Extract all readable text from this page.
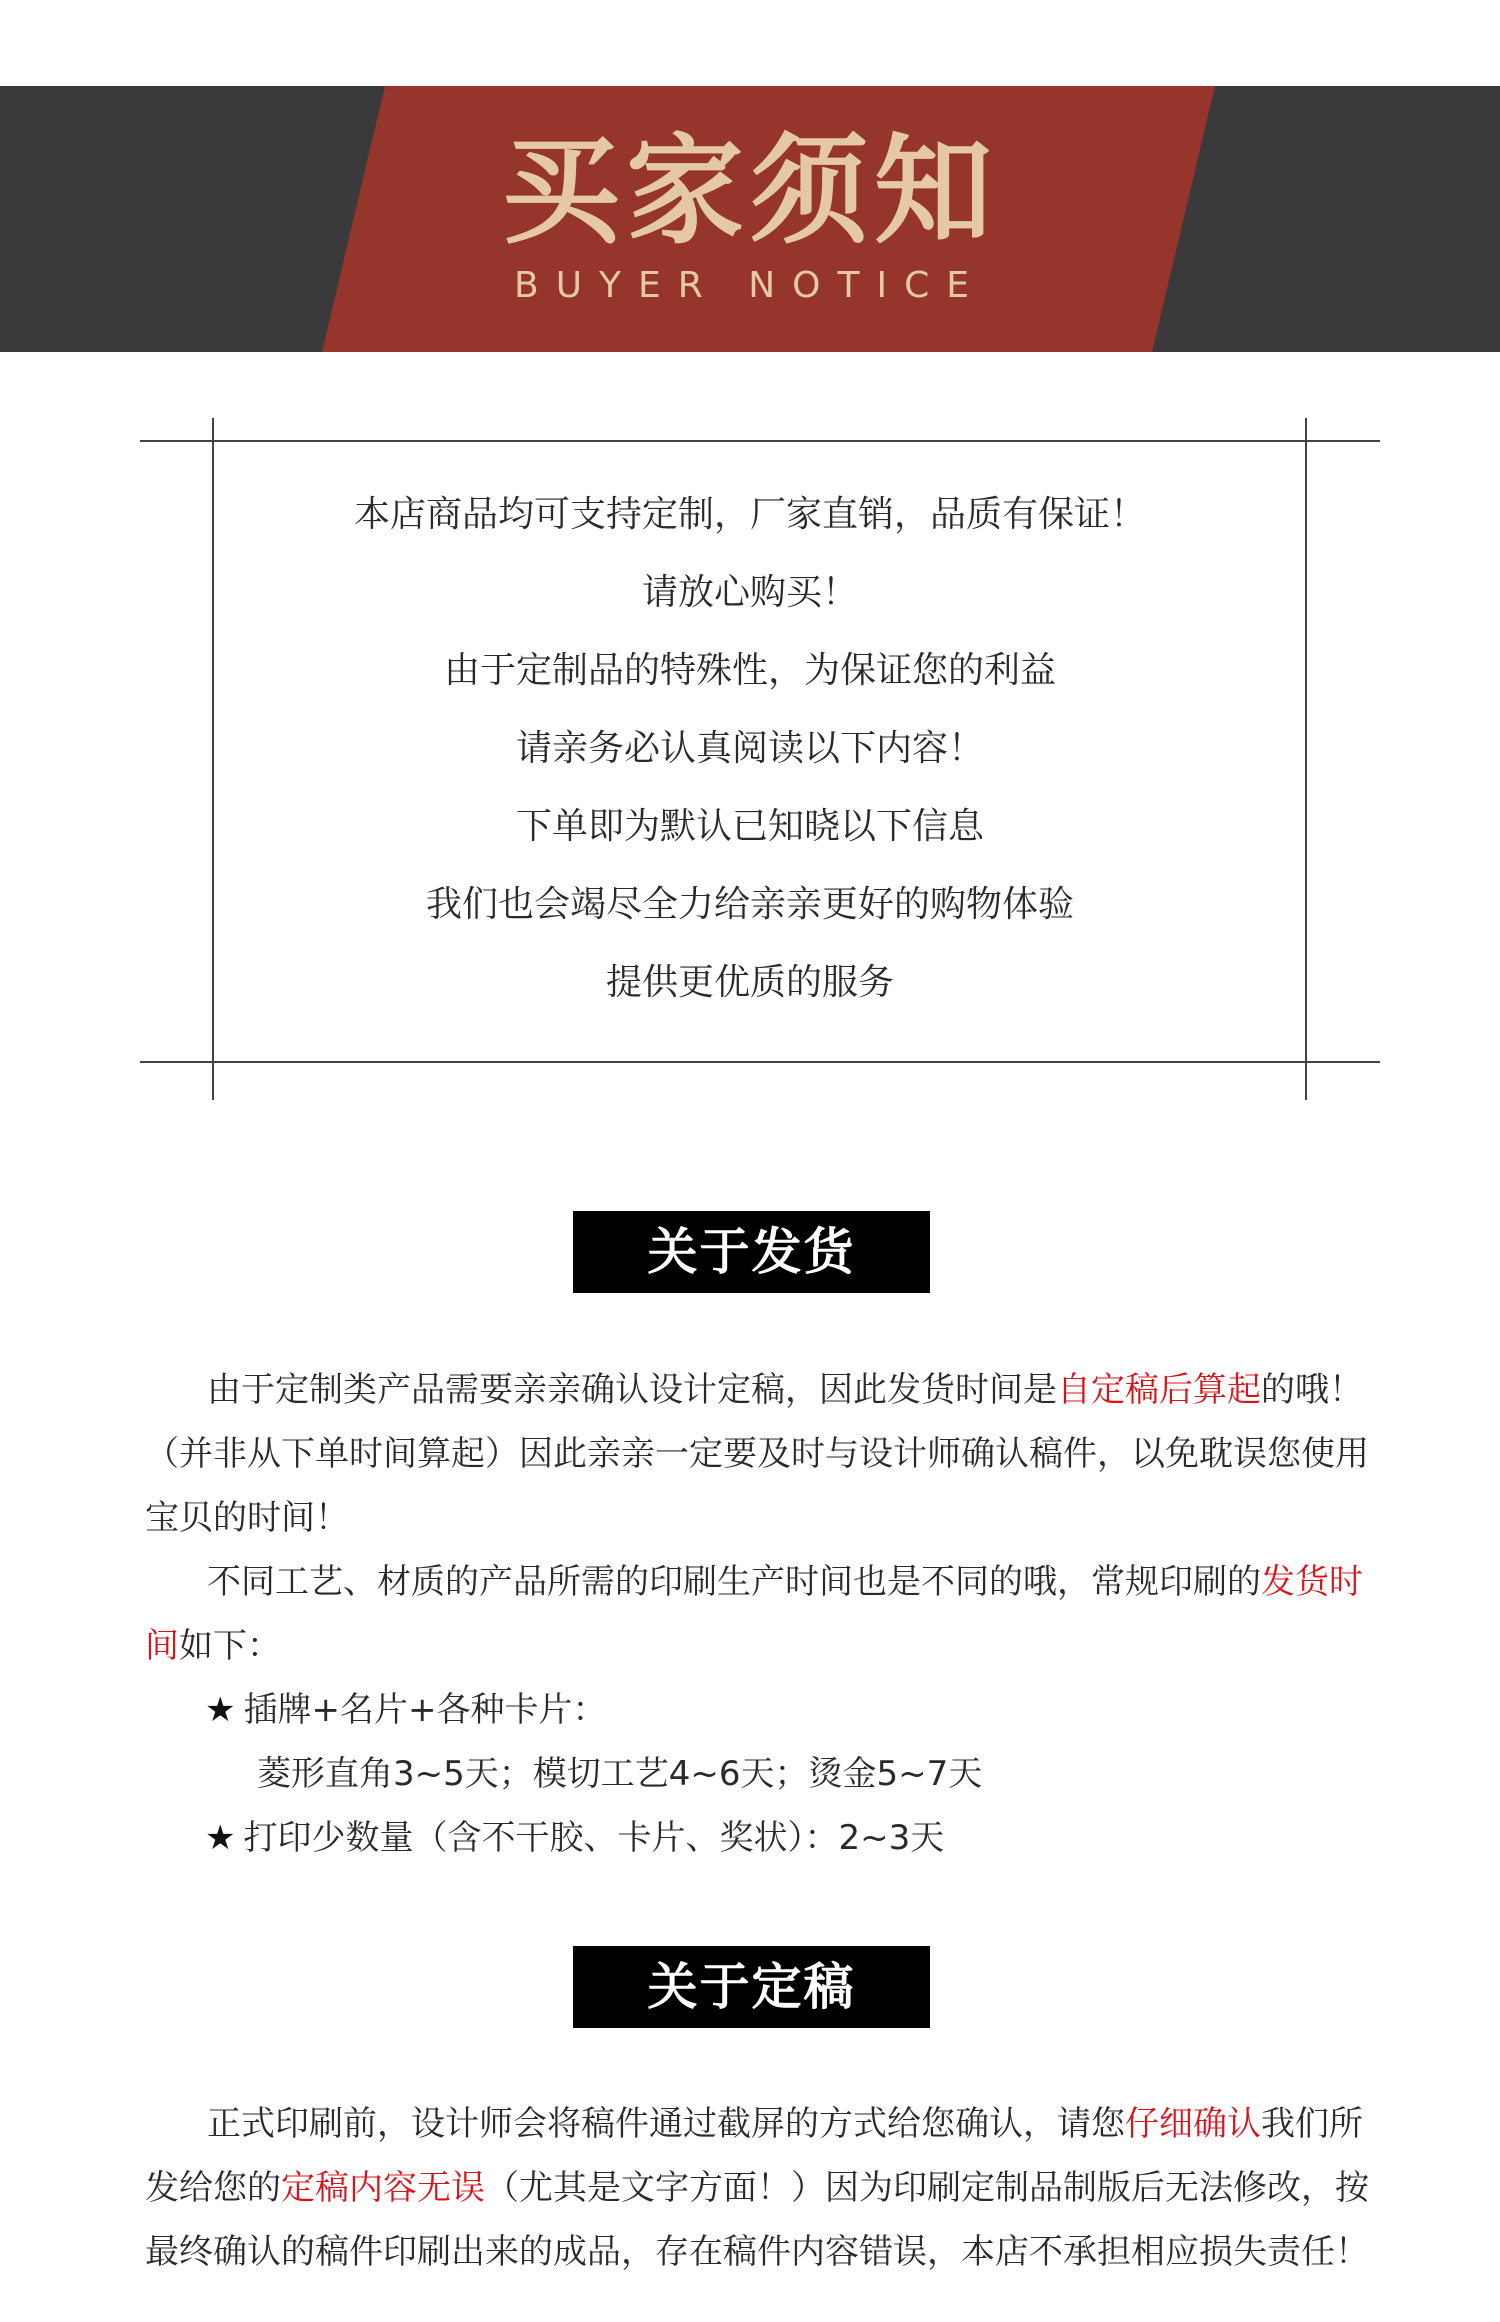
买家须知
BUYER NOTICE
本店商品均可支持定制，厂家直销，品质有保证！
请放心购买！
由于定制品的特殊性，为保证您的利益
请亲务必认真阅读以下内容！
下单即为默认已知晓以下信息
我们也会竭尽全力给亲亲更好的购物体验
提供更优质的服务
关于发货

由于定制类产品需要亲亲确认设计定稿，因此发货时间是自定稿后算起的哦！（并非从下单时间算起）因此亲亲一定要及时与设计师确认稿件，以免耽误您使用宝贝的时间！

不同工艺、材质的产品所需的印刷生产时间也是不同的哦，常规印刷的发货时间如下：

★ 插牌+名片+各种卡片：

菱形直角3~5天；模切工艺4~6天；烫金5~7天

★ 打印少数量（含不干胶、卡片、奖状）：2~3天

关于定稿

正式印刷前，设计师会将稿件通过截屏的方式给您确认，请您仔细确认我们所发给您的定稿内容无误（尤其是文字方面！）因为印刷定制品制版后无法修改，按最终确认的稿件印刷出来的成品，存在稿件内容错误，本店不承担相应损失责任！
